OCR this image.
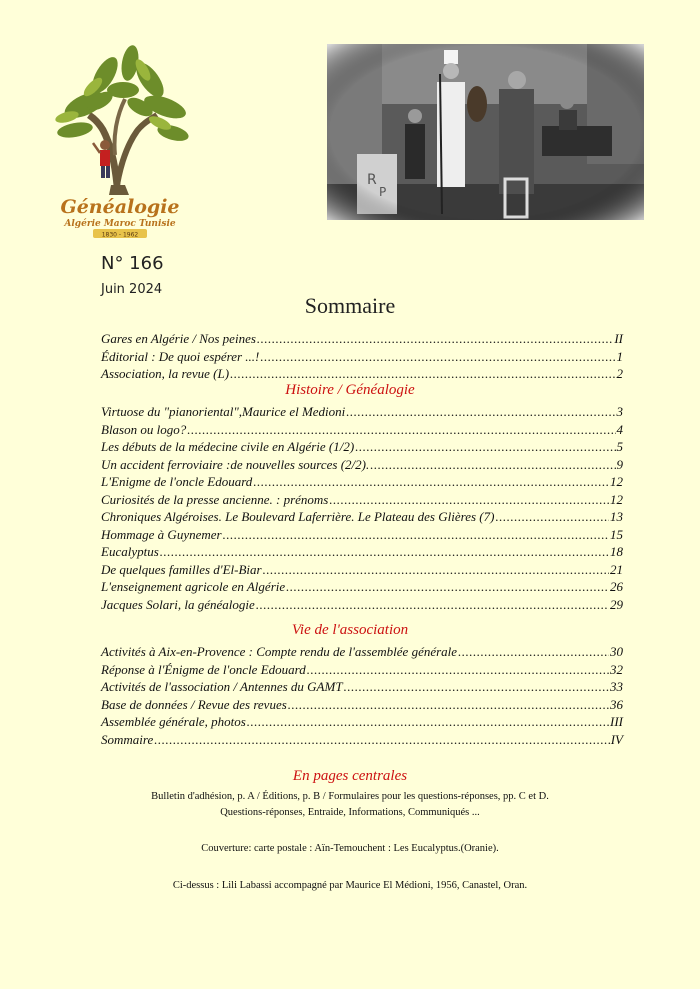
Généalogie
Algérie Maroc Tunisie
1830 - 1962
N° 166
Juin 2024
Sommaire
Gares en Algérie / Nos peines .....	II
Éditorial : De quoi espérer ...! .....	1
Association, la revue (L) .....	2
Histoire / Généalogie
Virtuose du "pianoriental",Maurice el Medioni .....	3
Blason ou logo? .....	4
Les débuts de la médecine civile en Algérie (1/2) .....	5
Un accident ferroviaire :de nouvelles sources (2/2). .....	9
L'Enigme de l'oncle Edouard .....	12
Curiosités de la presse ancienne. : prénoms .....	12
Chroniques Algéroises. Le Boulevard Laferrière. Le Plateau des Glières (7) .....	13
Hommage à Guynemer .....	15
Eucalyptus .....	18
De quelques familles d'El-Biar .....	21
L'enseignement agricole en Algérie .....	26
Jacques Solari, la généalogie .....	29
Vie de l'association
Activités à Aix-en-Provence : Compte rendu de l'assemblée générale .....	30
Réponse à l'Énigme de l'oncle Edouard .....	32
Activités de l'association / Antennes du GAMT .....	33
Base de données / Revue des revues .....	36
Assemblée générale, photos .....	III
Sommaire .....	IV
En pages centrales
Bulletin d'adhésion, p. A / Éditions, p. B / Formulaires pour les questions-réponses, pp. C et D.
Questions-réponses, Entraide, Informations, Communiqués ...
Couverture: carte postale : Aïn-Temouchent : Les Eucalyptus.(Oranie).
Ci-dessus : Lili Labassi accompagné par Maurice El Médioni, 1956, Canastel, Oran.
